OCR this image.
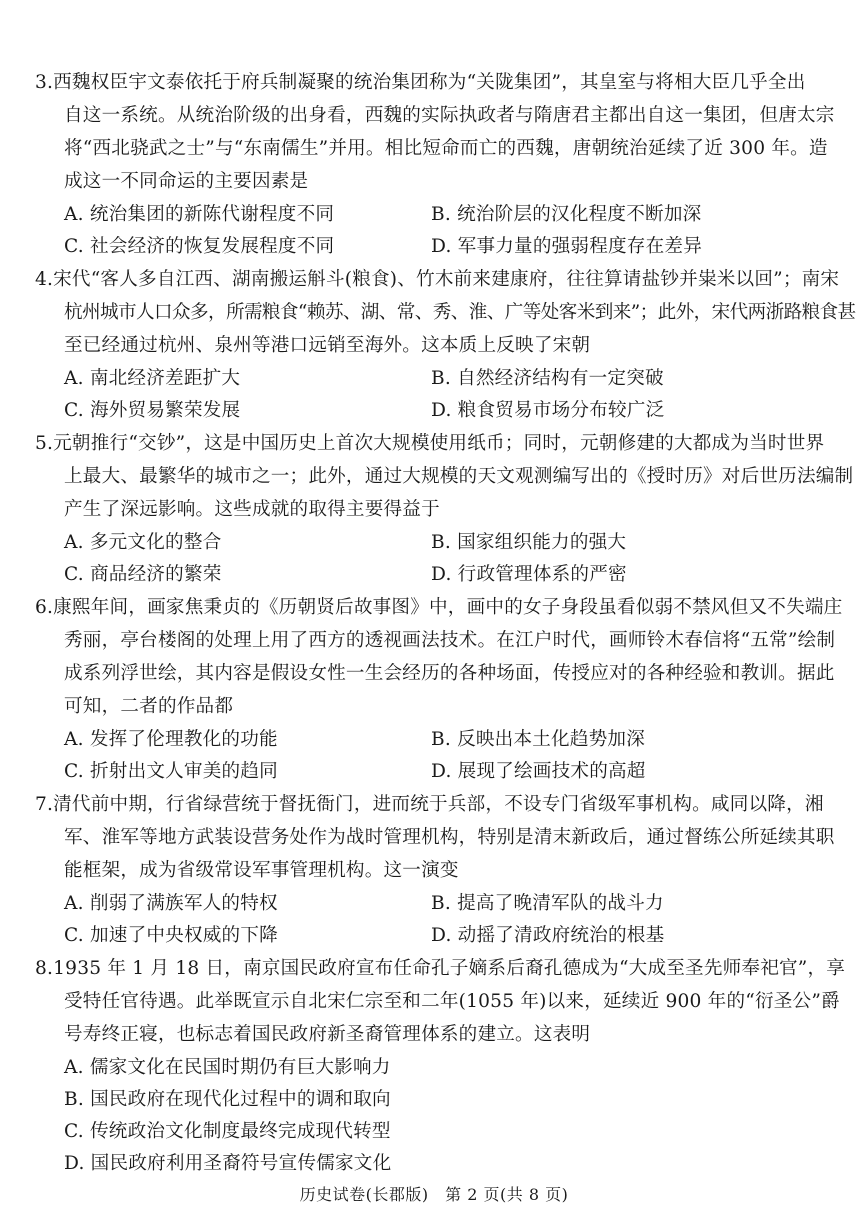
3.西魏权臣宇文泰依托于府兵制凝聚的统治集团称为“关陇集团”，其皇室与将相大臣几乎全出
自这一系统。从统治阶级的出身看，西魏的实际执政者与隋唐君主都出自这一集团，但唐太宗
将“西北骁武之士”与“东南儒生”并用。相比短命而亡的西魏，唐朝统治延续了近 300 年。造
成这一不同命运的主要因素是
A. 统治集团的新陈代谢程度不同	B. 统治阶层的汉化程度不断加深
C. 社会经济的恢复发展程度不同	D. 军事力量的强弱程度存在差异
4.宋代“客人多自江西、湖南搬运斛斗(粮食)、竹木前来建康府，往往算请盐钞并粜米以回”；南宋
杭州城市人口众多，所需粮食“赖苏、湖、常、秀、淮、广等处客米到来”；此外，宋代两浙路粮食甚
至已经通过杭州、泉州等港口远销至海外。这本质上反映了宋朝
A. 南北经济差距扩大	B. 自然经济结构有一定突破
C. 海外贸易繁荣发展	D. 粮食贸易市场分布较广泛
5.元朝推行“交钞”，这是中国历史上首次大规模使用纸币；同时，元朝修建的大都成为当时世界
上最大、最繁华的城市之一；此外，通过大规模的天文观测编写出的《授时历》对后世历法编制
产生了深远影响。这些成就的取得主要得益于
A. 多元文化的整合	B. 国家组织能力的强大
C. 商品经济的繁荣	D. 行政管理体系的严密
6.康熙年间，画家焦秉贞的《历朝贤后故事图》中，画中的女子身段虽看似弱不禁风但又不失端庄
秀丽，亭台楼阁的处理上用了西方的透视画法技术。在江户时代，画师铃木春信将“五常”绘制
成系列浮世绘，其内容是假设女性一生会经历的各种场面，传授应对的各种经验和教训。据此
可知，二者的作品都
A. 发挥了伦理教化的功能	B. 反映出本土化趋势加深
C. 折射出文人审美的趋同	D. 展现了绘画技术的高超
7.清代前中期，行省绿营统于督抚衙门，进而统于兵部，不设专门省级军事机构。咸同以降，湘
军、淮军等地方武装设营务处作为战时管理机构，特别是清末新政后，通过督练公所延续其职
能框架，成为省级常设军事管理机构。这一演变
A. 削弱了满族军人的特权	B. 提高了晚清军队的战斗力
C. 加速了中央权威的下降	D. 动摇了清政府统治的根基
8.1935 年 1 月 18 日，南京国民政府宣布任命孔子嫡系后裔孔德成为“大成至圣先师奉祀官”，享
受特任官待遇。此举既宣示自北宋仁宗至和二年(1055 年)以来，延续近 900 年的“衍圣公”爵
号寿终正寝，也标志着国民政府新圣裔管理体系的建立。这表明
A. 儒家文化在民国时期仍有巨大影响力
B. 国民政府在现代化过程中的调和取向
C. 传统政治文化制度最终完成现代转型
D. 国民政府利用圣裔符号宣传儒家文化
历史试卷(长郡版)　第 2 页(共 8 页)
